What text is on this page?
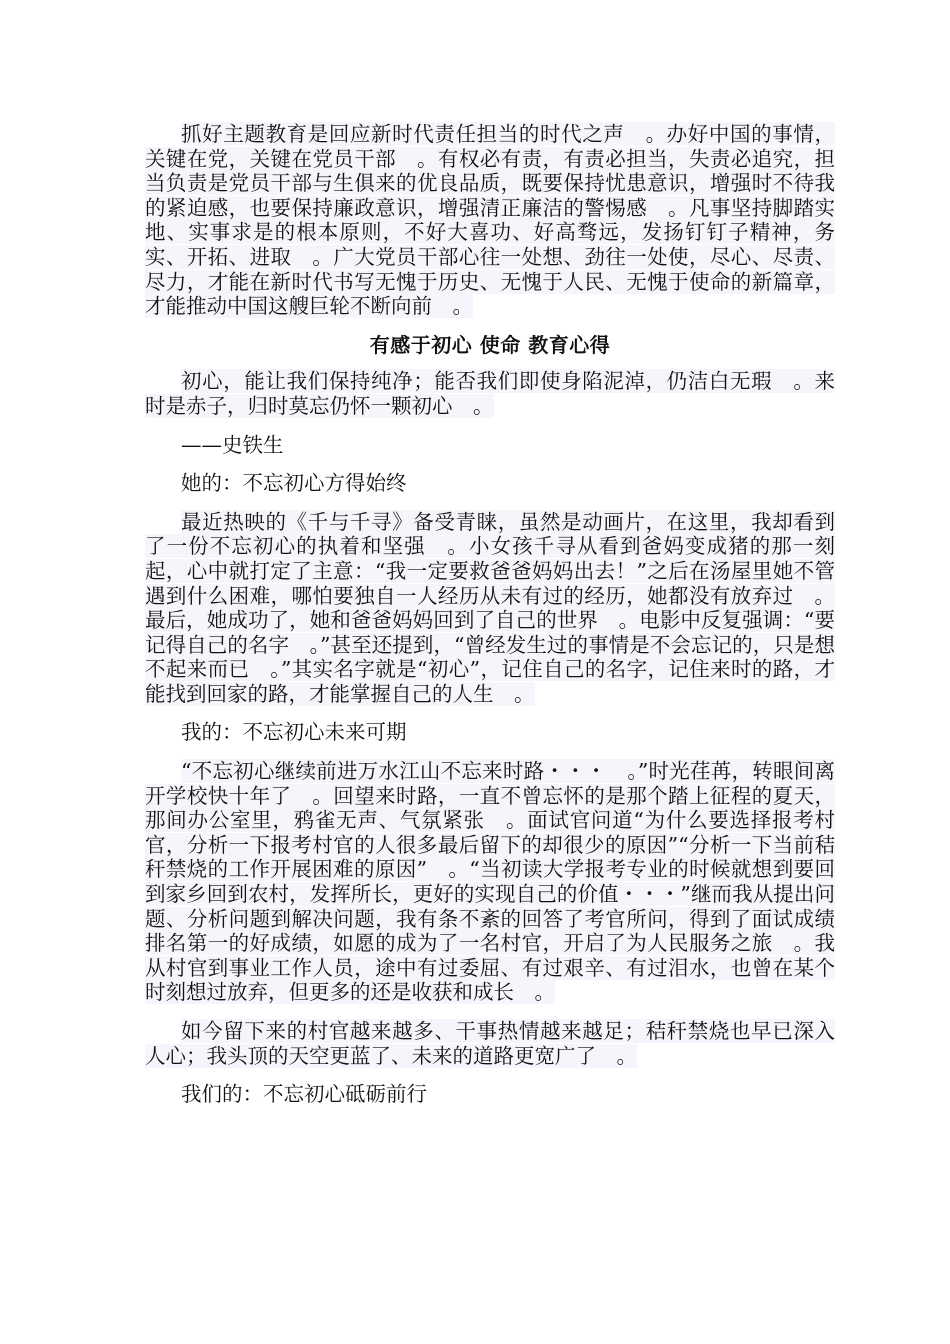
抓好主题教育是回应新时代责任担当的时代之声　。办好中国的事情，关键在党，关键在党员干部　。有权必有责，有责必担当，失责必追究，担当负责是党员干部与生俱来的优良品质，既要保持忧患意识，增强时不待我的紧迫感，也要保持廉政意识，增强清正廉洁的警惕感　。凡事坚持脚踏实地、实事求是的根本原则，不好大喜功、好高骛远，发扬钉钉子精神，务实、开拓、进取　。广大党员干部心往一处想、劲往一处使，尽心、尽责、尽力，才能在新时代书写无愧于历史、无愧于人民、无愧于使命的新篇章，才能推动中国这艘巨轮不断向前　。

有感于初心 使命 教育心得

初心，能让我们保持纯净；能否我们即使身陷泥淖，仍洁白无瑕　。来时是赤子，归时莫忘仍怀一颗初心　。

——史铁生

她的：不忘初心方得始终

最近热映的《千与千寻》备受青睐，虽然是动画片，在这里，我却看到了一份不忘初心的执着和坚强　。小女孩千寻从看到爸妈变成猪的那一刻起，心中就打定了主意：“我一定要救爸爸妈妈出去！”之后在汤屋里她不管遇到什么困难，哪怕要独自一人经历从未有过的经历，她都没有放弃过　。最后，她成功了，她和爸爸妈妈回到了自己的世界　。电影中反复强调：“要记得自己的名字　。”甚至还提到，“曾经发生过的事情是不会忘记的，只是想不起来而已　。”其实名字就是“初心”，记住自己的名字，记住来时的路，才能找到回家的路，才能掌握自己的人生　。

我的：不忘初心未来可期

“不忘初心继续前进万水江山不忘来时路・・・　。”时光荏苒，转眼间离开学校快十年了　。回望来时路，一直不曾忘怀的是那个踏上征程的夏天，那间办公室里，鸦雀无声、气氛紧张　。面试官问道“为什么要选择报考村官，分析一下报考村官的人很多最后留下的却很少的原因”“分析一下当前秸秆禁烧的工作开展困难的原因”　。“当初读大学报考专业的时候就想到要回到家乡回到农村，发挥所长，更好的实现自己的价值・・・”继而我从提出问题、分析问题到解决问题，我有条不紊的回答了考官所问，得到了面试成绩排名第一的好成绩，如愿的成为了一名村官，开启了为人民服务之旅　。我从村官到事业工作人员，途中有过委屈、有过艰辛、有过泪水，也曾在某个时刻想过放弃，但更多的还是收获和成长　。

如今留下来的村官越来越多、干事热情越来越足；秸秆禁烧也早已深入人心；我头顶的天空更蓝了、未来的道路更宽广了　。

我们的：不忘初心砥砺前行
